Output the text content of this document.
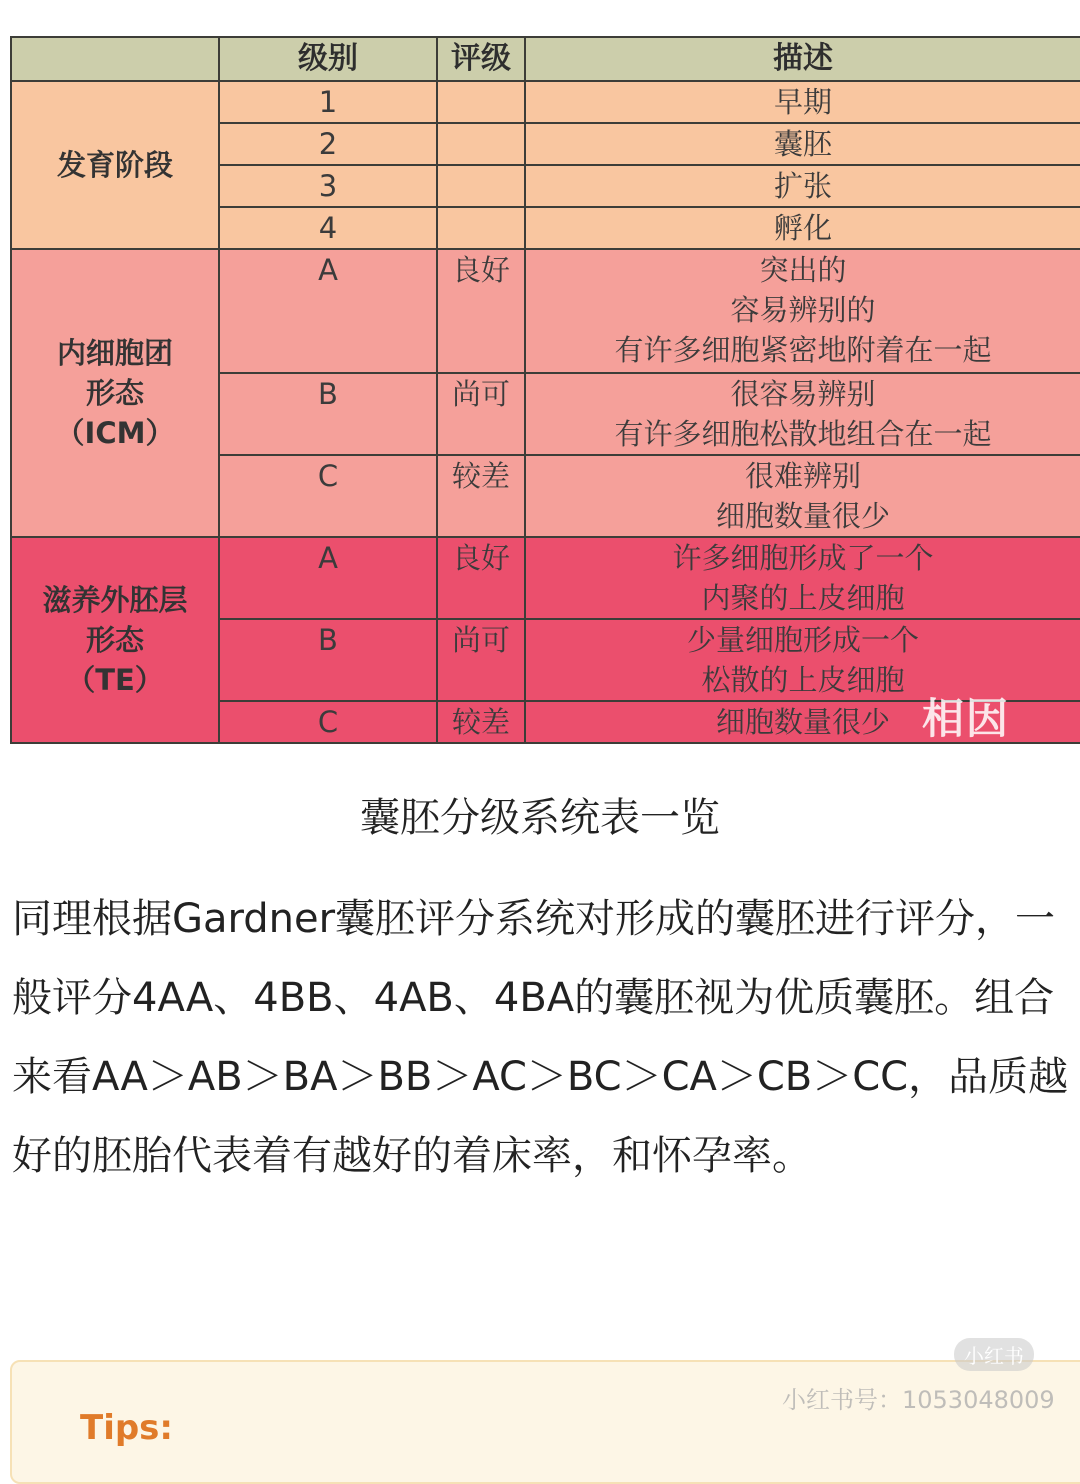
	级别	评级	描述

发育阶段	1		早期

	2		囊胚

	3		扩张

	4		孵化

内细胞团
形态
（ICM）	A	良好	突出的
容易辨别的
有许多细胞紧密地附着在一起

	B	尚可	很容易辨别
有许多细胞松散地组合在一起

	C	较差	很难辨别
细胞数量很少

滋养外胚层
形态
（TE）	A	良好	许多细胞形成了一个
内聚的上皮细胞

	B	尚可	少量细胞形成一个
松散的上皮细胞

	C	较差	细胞数量很少 相因
囊胚分级系统表一览

同理根据Gardner囊胚评分系统对形成的囊胚进行评分，一般评分4AA、4BB、4AB、4BA的囊胚视为优质囊胚。组合来看AA＞AB＞BA＞BB＞AC＞BC＞CA＞CB＞CC，品质越好的胚胎代表着有越好的着床率，和怀孕率。

Tips:
小红书
小红书号：1053048009
